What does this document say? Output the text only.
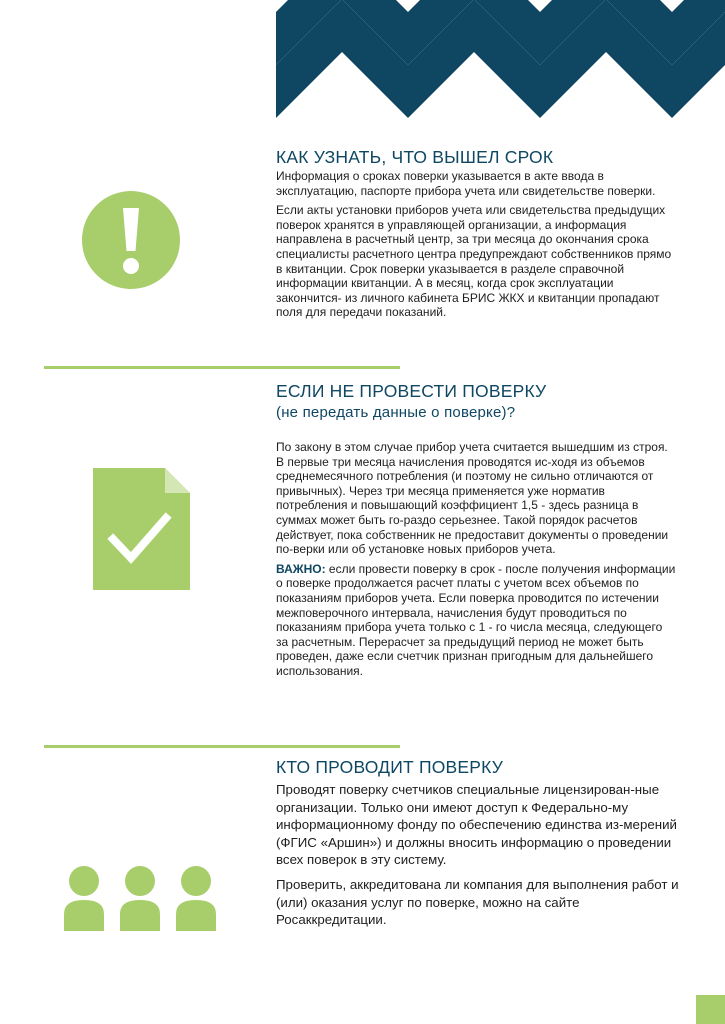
КАК УЗНАТЬ, ЧТО ВЫШЕЛ СРОК

Информация о сроках поверки указывается в акте ввода в эксплуатацию, паспорте прибора учета или свидетельстве поверки.

Если акты установки приборов учета или свидетельства предыдущих поверок хранятся в управляющей организации, а информация направлена в расчетный центр, за три месяца до окончания срока специалисты расчетного центра предупреждают собственников прямо в квитанции. Срок поверки указывается в разделе справочной информации квитанции. А в месяц, когда срок эксплуатации закончится- из личного кабинета БРИС ЖКХ и квитанции пропадают поля для передачи показаний.

ЕСЛИ НЕ ПРОВЕСТИ ПОВЕРКУ
(не передать данные о поверке)?

По закону в этом случае прибор учета считается вышедшим из строя. В первые три месяца начисления проводятся ис-ходя из объемов среднемесячного потребления (и поэтому не сильно отличаются от привычных). Через три месяца применяется уже норматив потребления и повышающий коэффициент 1,5 - здесь разница в суммах может быть го-раздо серьезнее. Такой порядок расчетов действует, пока собственник не предоставит документы о проведении по-верки или об установке новых приборов учета.

ВАЖНО: если провести поверку в срок - после получения информации о поверке продолжается расчет платы с учетом всех объемов по показаниям приборов учета. Если поверка проводится по истечении межповерочного интервала, начисления будут проводиться по показаниям прибора учета только с 1 - го числа месяца, следующего за расчетным. Перерасчет за предыдущий период не может быть проведен, даже если счетчик признан пригодным для дальнейшего использования.

КТО ПРОВОДИТ ПОВЕРКУ

Проводят поверку счетчиков специальные лицензирован-ные организации. Только они имеют доступ к Федерально-му информационному фонду по обеспечению единства из-мерений (ФГИС «Аршин») и должны вносить информацию о проведении всех поверок в эту систему.

Проверить, аккредитована ли компания для выполнения работ и (или) оказания услуг по поверке, можно на сайте Росаккредитации.
